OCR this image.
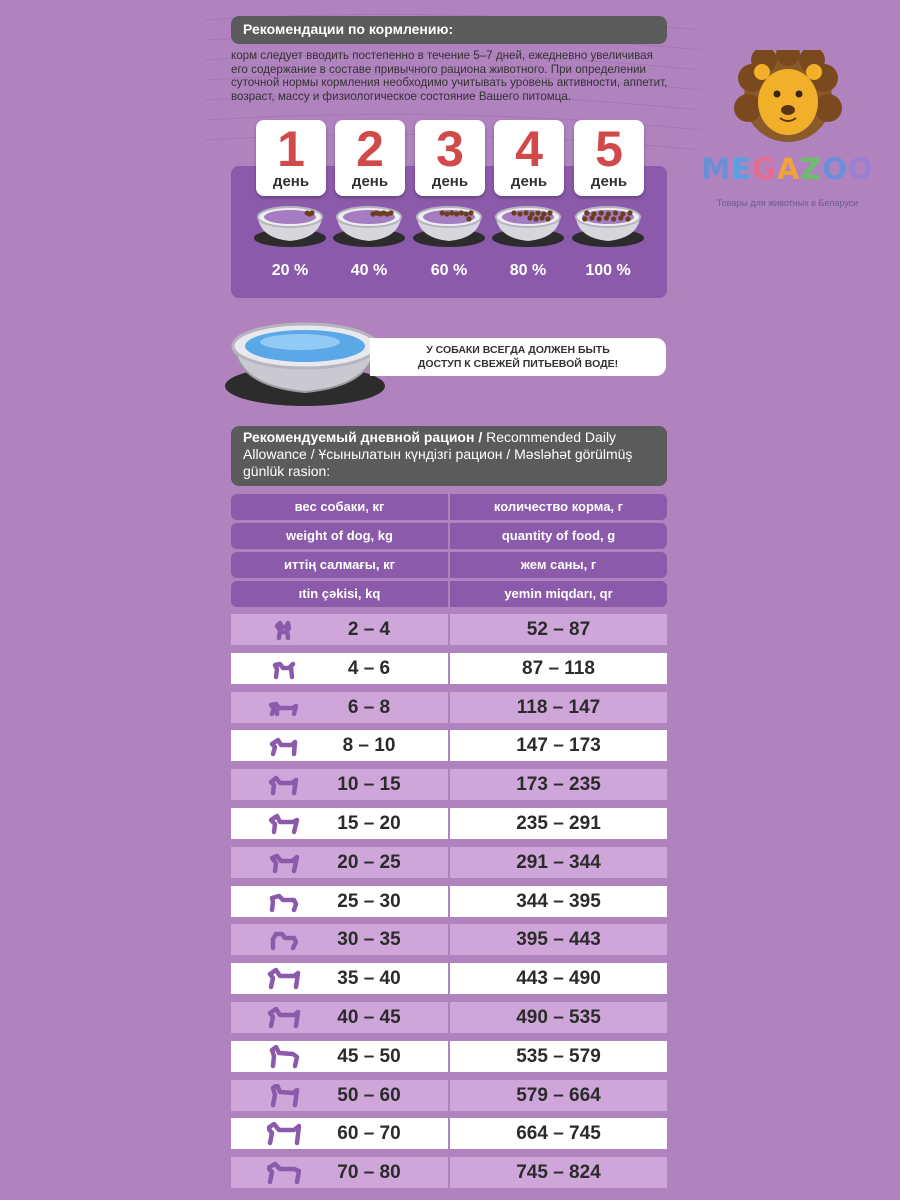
Рекомендации по кормлению:
корм следует вводить постепенно в течение 5–7 дней, ежедневно увеличивая его содержание в составе привычного рациона животного. При определении суточной нормы кормления необходимо учитывать уровень активности, аппетит, возраст, массу и физиологическое состояние Вашего питомца.
1
день
20 %
2
день
40 %
3
день
60 %
4
день
80 %
5
день
100 %
У СОБАКИ ВСЕГДА ДОЛЖЕН БЫТЬ
ДОСТУП К СВЕЖЕЙ ПИТЬЕВОЙ ВОДЕ!
Рекомендуемый дневной рацион / Recommended Daily Allowance / Ұсынылатын күндізгі рацион / Məsləhət görülmüş günlük rasion:
вес собаки, кг	количество корма, г
weight of dog, kg	quantity of food, g
иттің салмағы, кг	жем саны, г
ıtin çəkisi, kq	yemin miqdarı, qr
2 – 4	52 – 87
4 – 6	87 – 118
6 – 8	118 – 147
8 – 10	147 – 173
10 – 15	173 – 235
15 – 20	235 – 291
20 – 25	291 – 344
25 – 30	344 – 395
30 – 35	395 – 443
35 – 40	443 – 490
40 – 45	490 – 535
45 – 50	535 – 579
50 – 60	579 – 664
60 – 70	664 – 745
70 – 80	745 – 824
MEGAZOO
Товары для животных в Беларуси
